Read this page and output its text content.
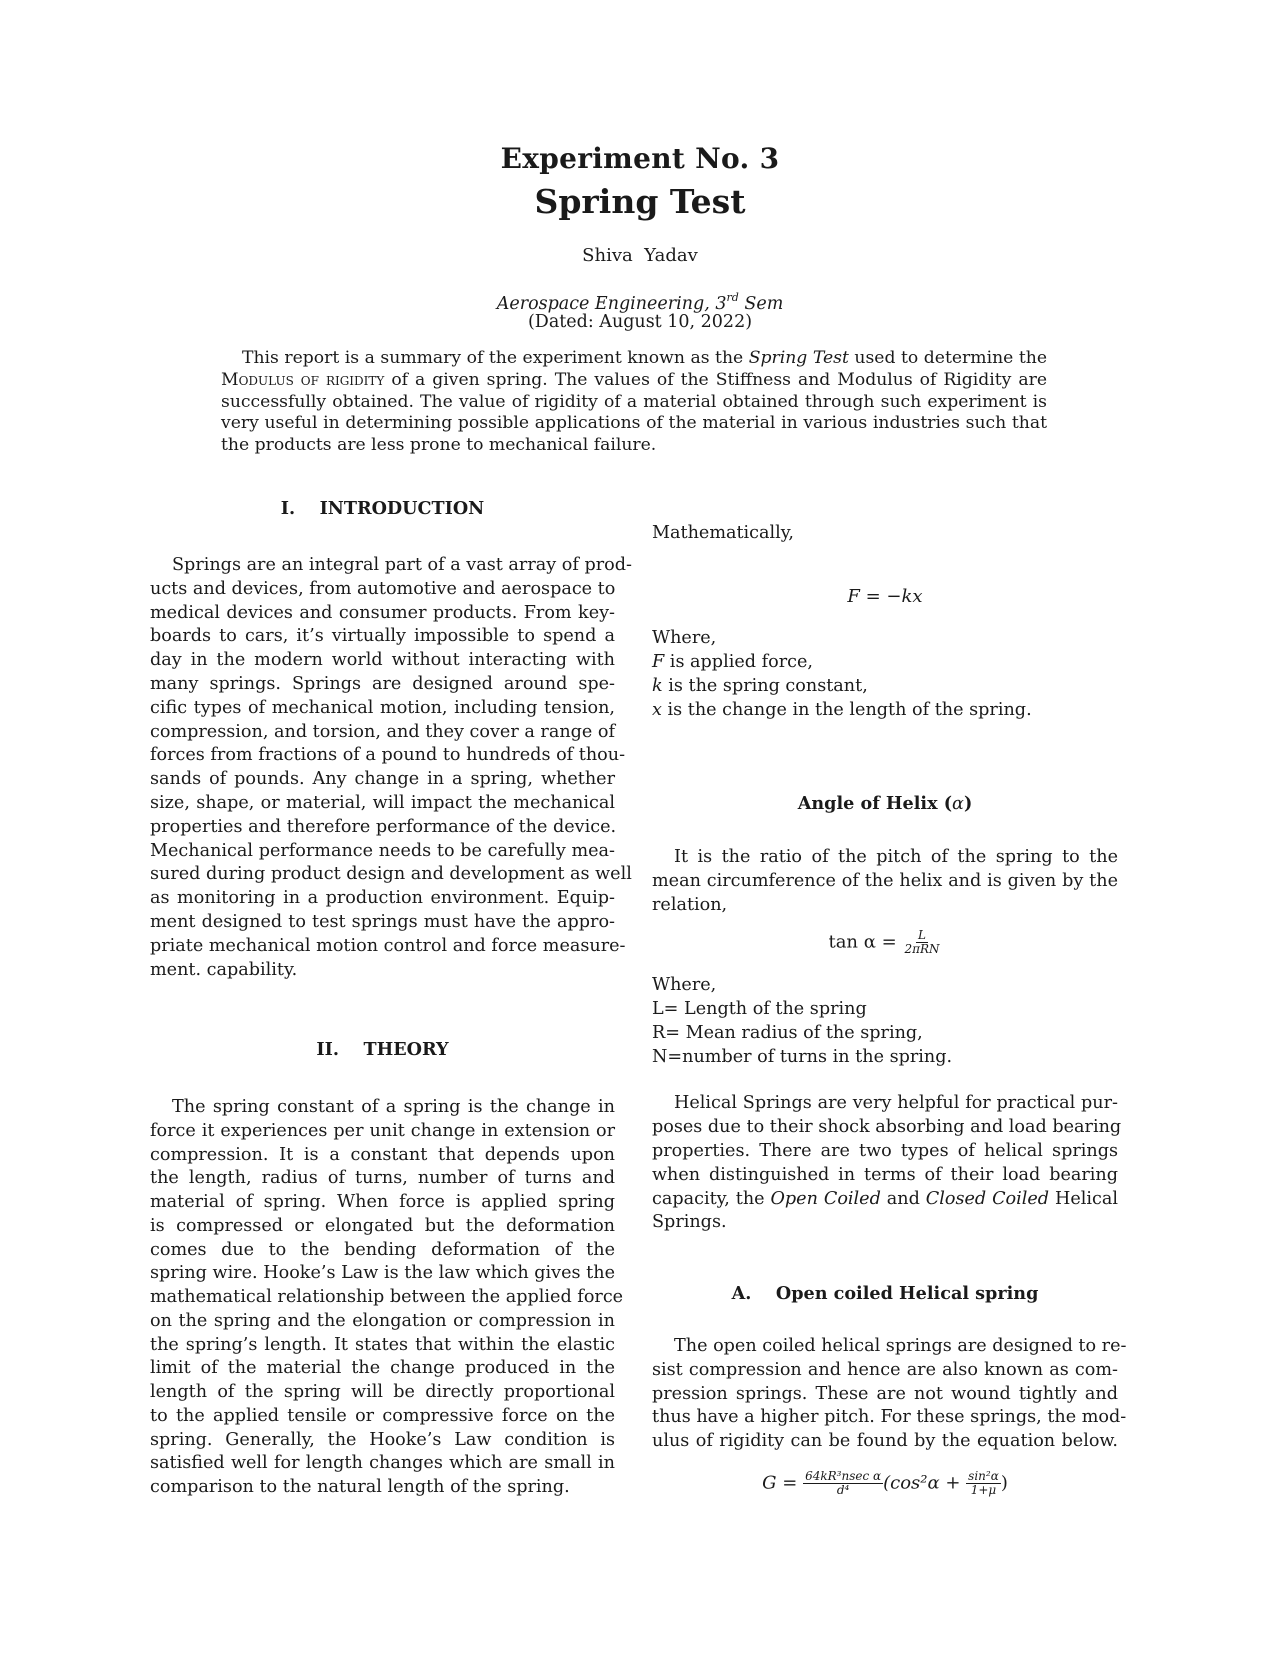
Experiment No. 3
Spring Test
Shiva  Yadav
Aerospace Engineering, 3rd Sem
(Dated: August 10, 2022)
This report is a summary of the experiment known as the Spring Test used to determine the Modulus of rigidity of a given spring. The values of the Stiffness and Modulus of Rigidity are successfully obtained. The value of rigidity of a material obtained through such experiment is very useful in determining possible applications of the material in various industries such that the products are less prone to mechanical failure.
I.    INTRODUCTION
Springs are an integral part of a vast array of prod-
ucts and devices, from automotive and aerospace to
medical devices and consumer products. From key-
boards to cars, it’s virtually impossible to spend a
day in the modern world without interacting with
many springs. Springs are designed around spe-
cific types of mechanical motion, including tension,
compression, and torsion, and they cover a range of
forces from fractions of a pound to hundreds of thou-
sands of pounds. Any change in a spring, whether
size, shape, or material, will impact the mechanical
properties and therefore performance of the device.
Mechanical performance needs to be carefully mea-
sured during product design and development as well
as monitoring in a production environment. Equip-
ment designed to test springs must have the appro-
priate mechanical motion control and force measure-
ment. capability.
II.    THEORY
The spring constant of a spring is the change in
force it experiences per unit change in extension or
compression. It is a constant that depends upon
the length, radius of turns, number of turns and
material of spring. When force is applied spring
is compressed or elongated but the deformation
comes due to the bending deformation of the
spring wire. Hooke’s Law is the law which gives the
mathematical relationship between the applied force
on the spring and the elongation or compression in
the spring’s length. It states that within the elastic
limit of the material the change produced in the
length of the spring will be directly proportional
to the applied tensile or compressive force on the
spring. Generally, the Hooke’s Law condition is
satisfied well for length changes which are small in
comparison to the natural length of the spring.
Mathematically,
F = −kx
Where,
F is applied force,
k is the spring constant,
x is the change in the length of the spring.
Angle of Helix (α)
It is the ratio of the pitch of the spring to the
mean circumference of the helix and is given by the
relation,
$\tan \alpha = \frac{L}{\text{2πRN}}$
Where,
L= Length of the spring
R= Mean radius of the spring,
N=number of turns in the spring.
Helical Springs are very helpful for practical pur-
poses due to their shock absorbing and load bearing
properties. There are two types of helical springs
when distinguished in terms of their load bearing
capacity, the Open Coiled and Closed Coiled Helical
Springs.
A.    Open coiled Helical spring
The open coiled helical springs are designed to re-
sist compression and hence are also known as com-
pression springs. These are not wound tightly and
thus have a higher pitch. For these springs, the mod-
ulus of rigidity can be found by the equation below.
$G = \frac{\text{64kR³nsec α}}{\text{d⁴}} (\cos^2\alpha + \frac{\text{sin²α}}{1+\mu}$ )
